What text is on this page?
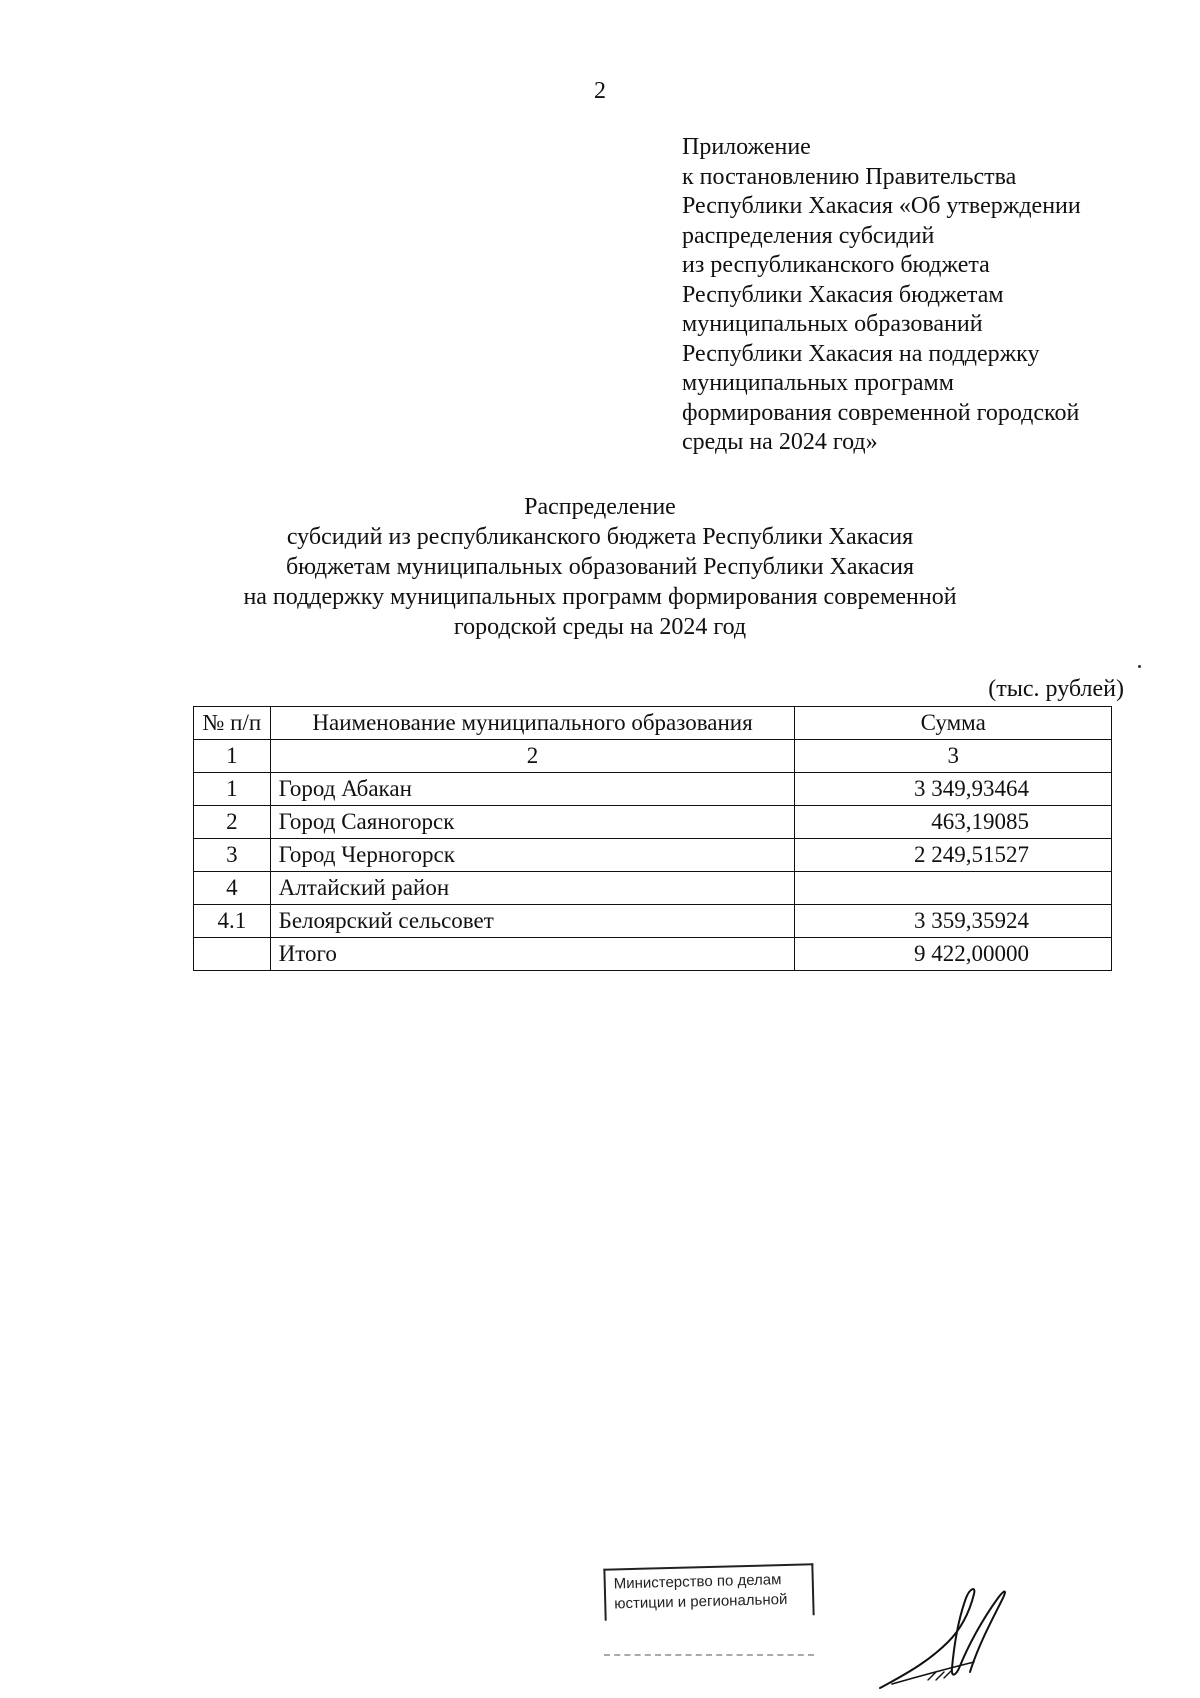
2
Приложение
к постановлению Правительства
Республики Хакасия «Об утверждении
распределения субсидий
из республиканского бюджета
Республики Хакасия бюджетам
муниципальных образований
Республики Хакасия на поддержку
муниципальных программ
формирования современной городской
среды на 2024 год»
Распределение
субсидий из республиканского бюджета Республики Хакасия
бюджетам муниципальных образований Республики Хакасия
на поддержку муниципальных программ формирования современной
городской среды на 2024 год
(тыс. рублей)
№ п/п	Наименование муниципального образования	Сумма
1	2	3
1	Город Абакан	3 349,93464
2	Город Саяногорск	463,19085
3	Город Черногорск	2 249,51527
4	Алтайский район	
4.1	Белоярский сельсовет	3 359,35924
	Итого	9 422,00000
Министерство по делам
юстиции и региональной
